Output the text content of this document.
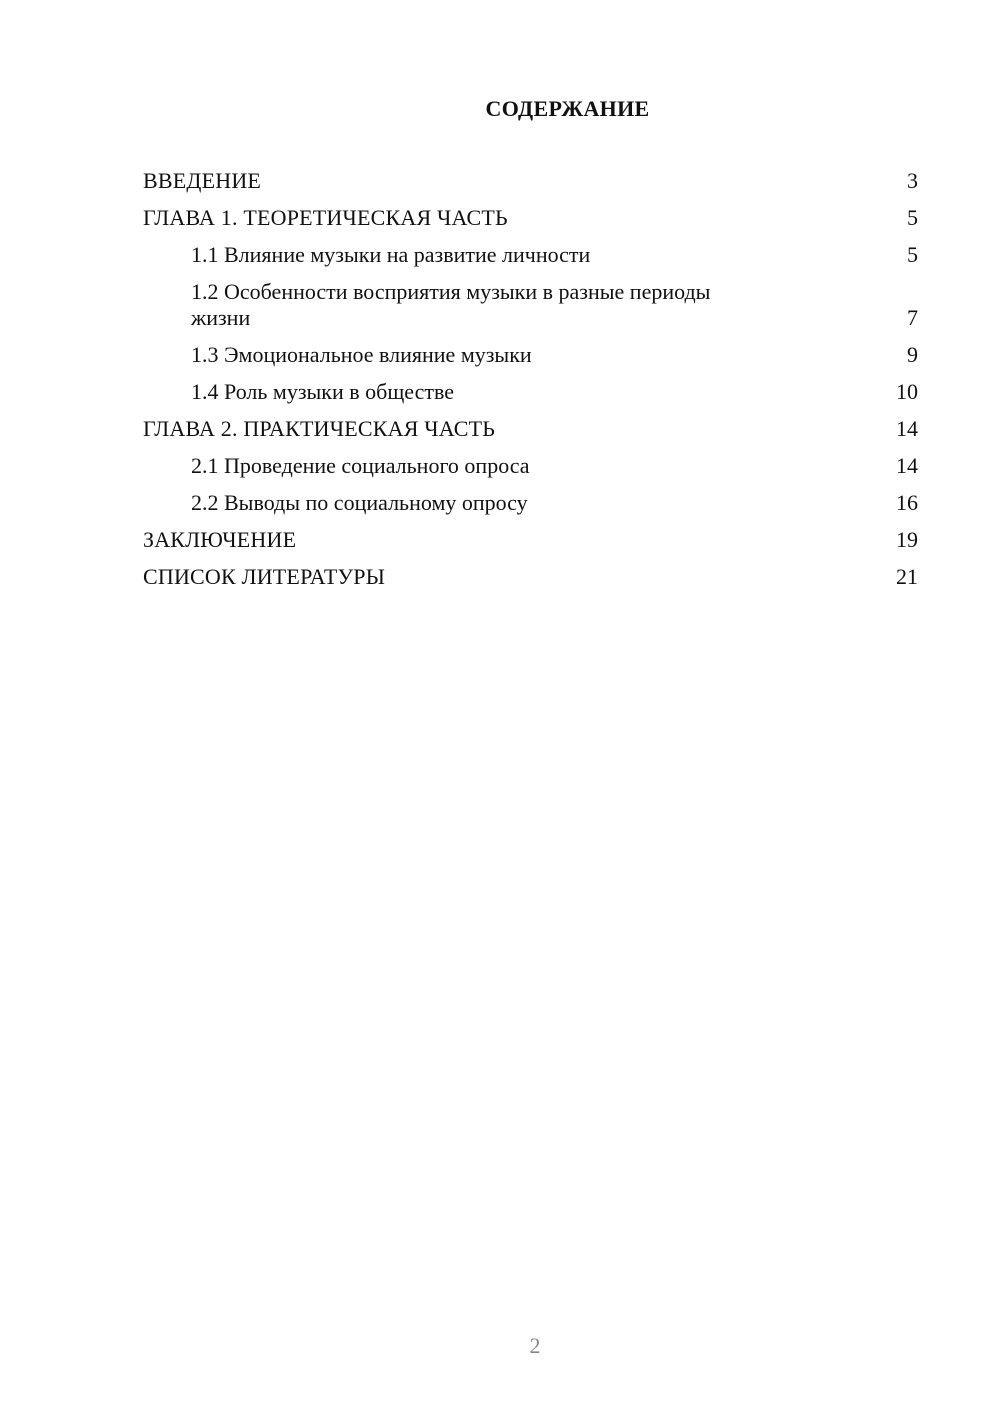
СОДЕРЖАНИЕ
ВВЕДЕНИЕ	3
ГЛАВА 1. ТЕОРЕТИЧЕСКАЯ ЧАСТЬ	5
1.1 Влияние музыки на развитие личности	5
1.2 Особенности восприятия музыки в разные периоды жизни	7
1.3 Эмоциональное влияние музыки	9
1.4 Роль музыки в обществе	10
ГЛАВА 2. ПРАКТИЧЕСКАЯ ЧАСТЬ	14
2.1 Проведение социального опроса	14
2.2 Выводы по социальному опросу	16
ЗАКЛЮЧЕНИЕ	19
СПИСОК ЛИТЕРАТУРЫ	21
2
